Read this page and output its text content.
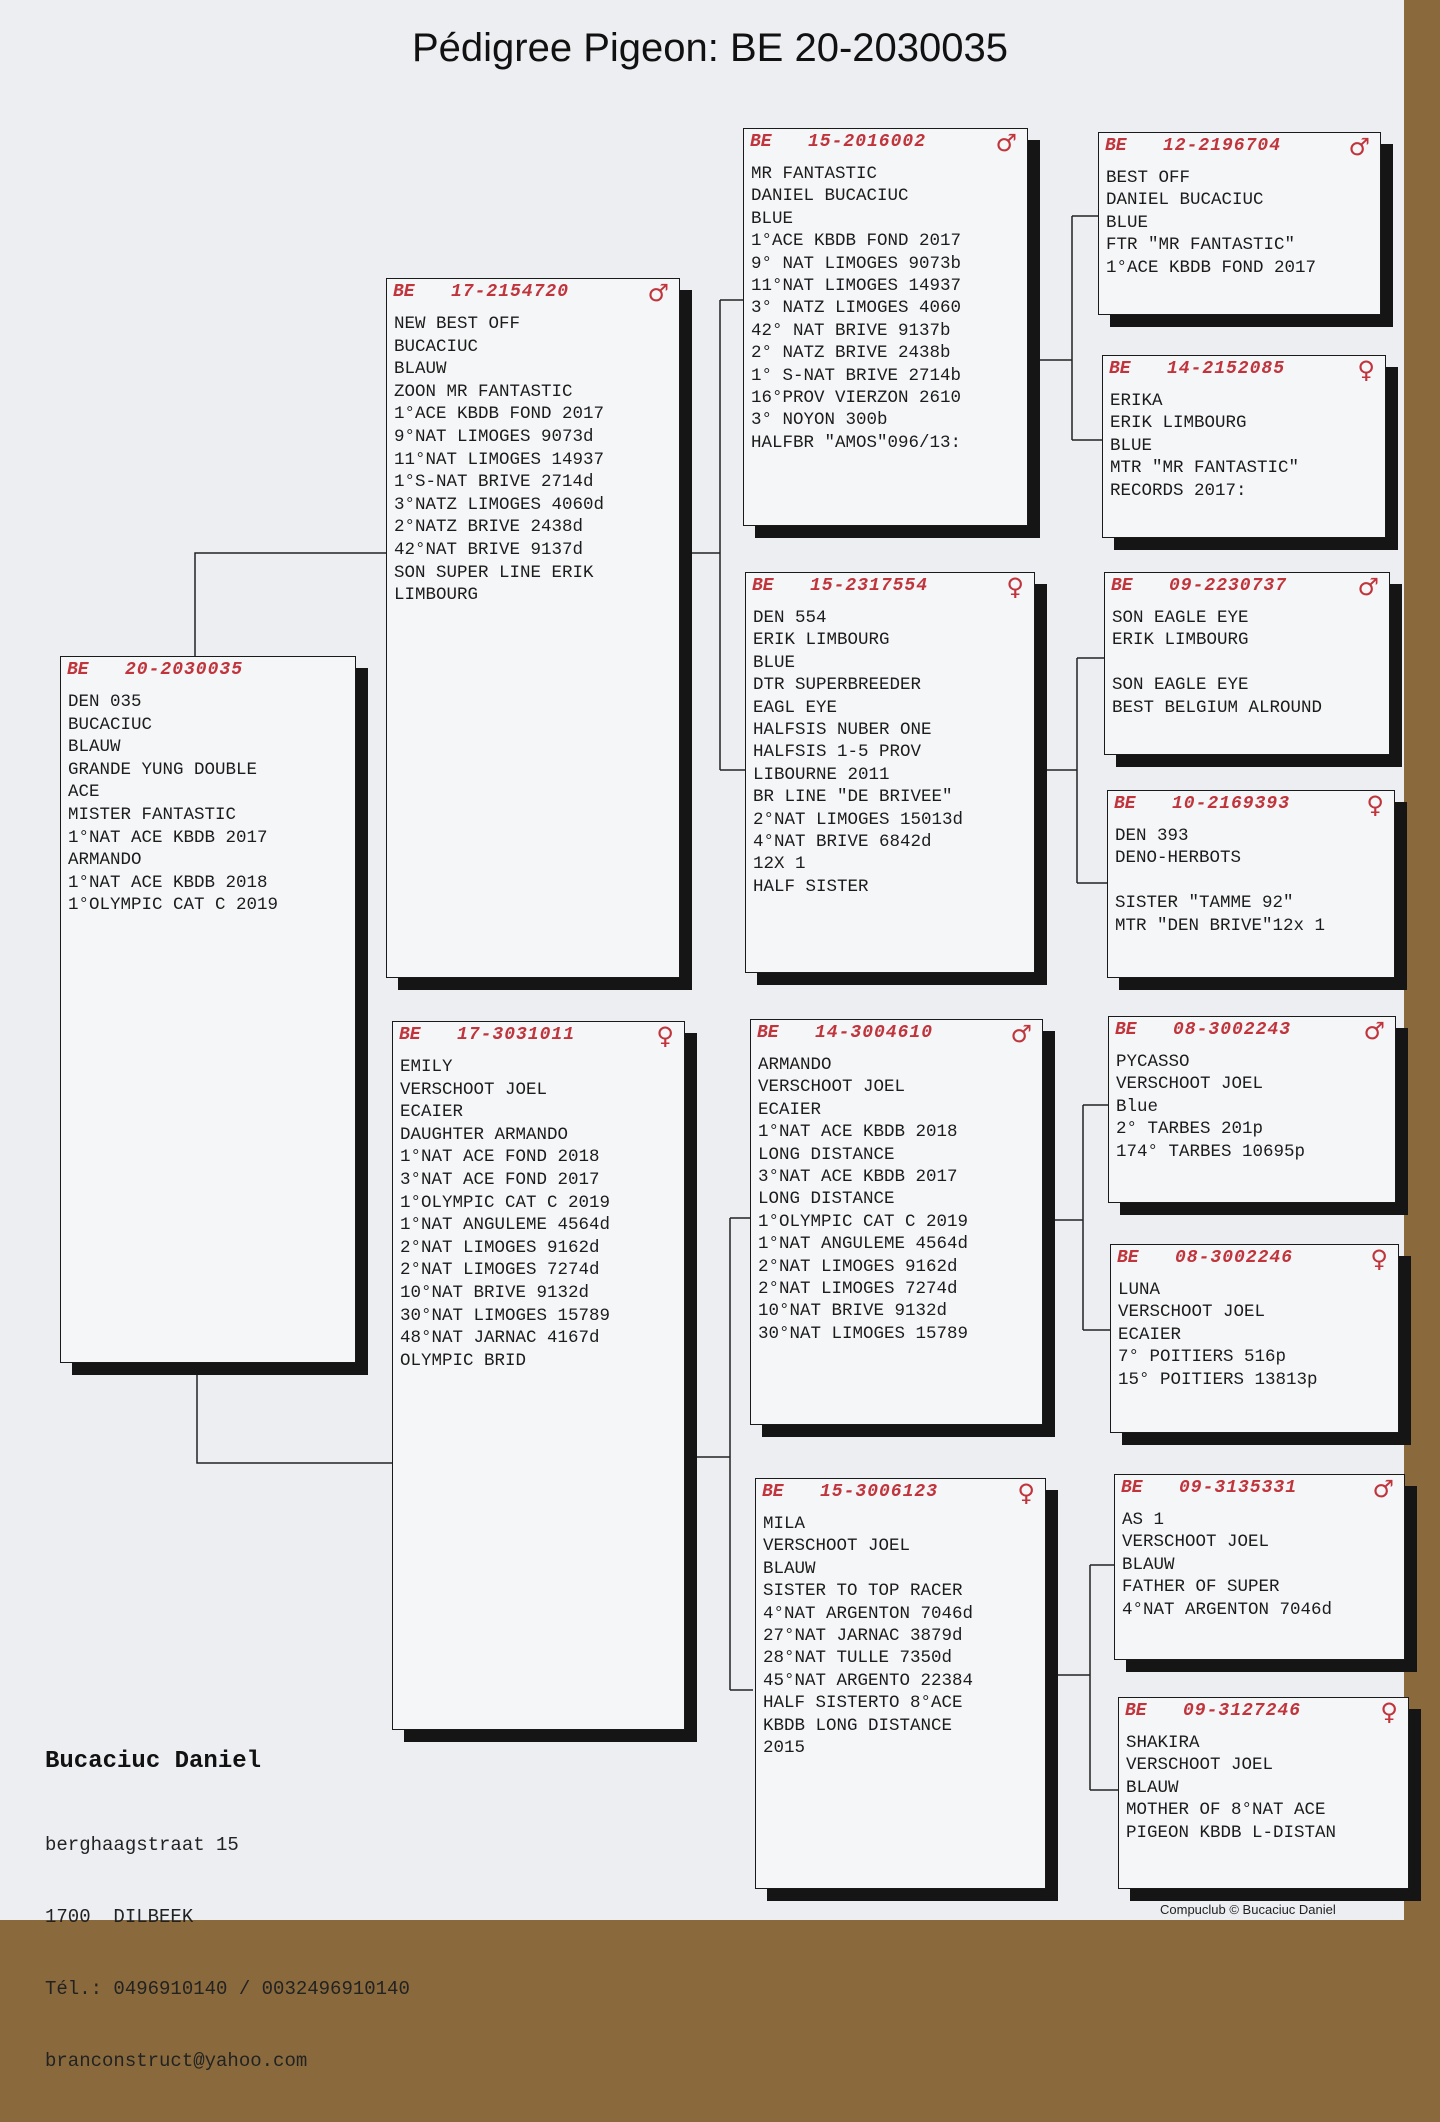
Pédigree Pigeon: BE 20-2030035
BE 20-2030035
DEN 035
BUCACIUC
BLAUW
GRANDE YUNG DOUBLE
ACE
MISTER FANTASTIC
1°NAT ACE KBDB 2017
ARMANDO
1°NAT ACE KBDB 2018
1°OLYMPIC CAT C 2019
BE 17-2154720	♂
NEW BEST OFF
BUCACIUC
BLAUW
ZOON MR FANTASTIC
1°ACE KBDB FOND 2017
9°NAT LIMOGES 9073d
11°NAT LIMOGES 14937
1°S-NAT BRIVE 2714d
3°NATZ LIMOGES 4060d
2°NATZ BRIVE 2438d
42°NAT BRIVE 9137d
SON SUPER LINE ERIK
LIMBOURG
BE 17-3031011	♀
EMILY
VERSCHOOT JOEL
ECAIER
DAUGHTER ARMANDO
1°NAT ACE FOND 2018
3°NAT ACE FOND 2017
1°OLYMPIC CAT C 2019
1°NAT ANGULEME 4564d
2°NAT LIMOGES 9162d
2°NAT LIMOGES 7274d
10°NAT BRIVE 9132d
30°NAT LIMOGES 15789
48°NAT JARNAC 4167d
OLYMPIC BRID
BE 15-2016002	♂
MR FANTASTIC
DANIEL BUCACIUC
BLUE
1°ACE KBDB FOND 2017
9° NAT LIMOGES 9073b
11°NAT LIMOGES 14937
3° NATZ LIMOGES 4060
42° NAT BRIVE 9137b
2° NATZ BRIVE 2438b
1° S-NAT BRIVE 2714b
16°PROV VIERZON 2610
3° NOYON 300b
HALFBR "AMOS"096/13:
BE 15-2317554	♀
DEN 554
ERIK LIMBOURG
BLUE
DTR SUPERBREEDER
EAGL EYE
HALFSIS NUBER ONE
HALFSIS 1-5 PROV
LIBOURNE 2011
BR LINE "DE BRIVEE"
2°NAT LIMOGES 15013d
4°NAT BRIVE 6842d
12X 1
HALF SISTER
BE 14-3004610	♂
ARMANDO
VERSCHOOT JOEL
ECAIER
1°NAT ACE KBDB 2018
LONG DISTANCE
3°NAT ACE KBDB 2017
LONG DISTANCE
1°OLYMPIC CAT C 2019
1°NAT ANGULEME 4564d
2°NAT LIMOGES 9162d
2°NAT LIMOGES 7274d
10°NAT BRIVE 9132d
30°NAT LIMOGES 15789
BE 15-3006123	♀
MILA
VERSCHOOT JOEL
BLAUW
SISTER TO TOP RACER
4°NAT ARGENTON 7046d
27°NAT JARNAC 3879d
28°NAT TULLE 7350d
45°NAT ARGENTO 22384
HALF SISTERTO 8°ACE
KBDB LONG DISTANCE
2015
BE 12-2196704	♂
BEST OFF
DANIEL BUCACIUC
BLUE
FTR "MR FANTASTIC"
1°ACE KBDB FOND 2017
BE 14-2152085	♀
ERIKA
ERIK LIMBOURG
BLUE
MTR "MR FANTASTIC"
RECORDS 2017:
BE 09-2230737	♂
SON EAGLE EYE
ERIK LIMBOURG
SON EAGLE EYE
BEST BELGIUM ALROUND
BE 10-2169393	♀
DEN 393
DENO-HERBOTS
SISTER "TAMME 92"
MTR "DEN BRIVE"12x 1
BE 08-3002243	♂
PYCASSO
VERSCHOOT JOEL
Blue
2° TARBES 201p
174° TARBES 10695p
BE 08-3002246	♀
LUNA
VERSCHOOT JOEL
ECAIER
7° POITIERS 516p
15° POITIERS 13813p
BE 09-3135331	♂
AS 1
VERSCHOOT JOEL
BLAUW
FATHER OF SUPER
4°NAT ARGENTON 7046d
BE 09-3127246	♀
SHAKIRA
VERSCHOOT JOEL
BLAUW
MOTHER OF 8°NAT ACE
PIGEON KBDB L-DISTAN
Bucaciuc Daniel

berghaagstraat 15

1700  DILBEEK

Tél.: 0496910140 / 0032496910140

branconstruct@yahoo.com

Compuclub © Bucaciuc Daniel
